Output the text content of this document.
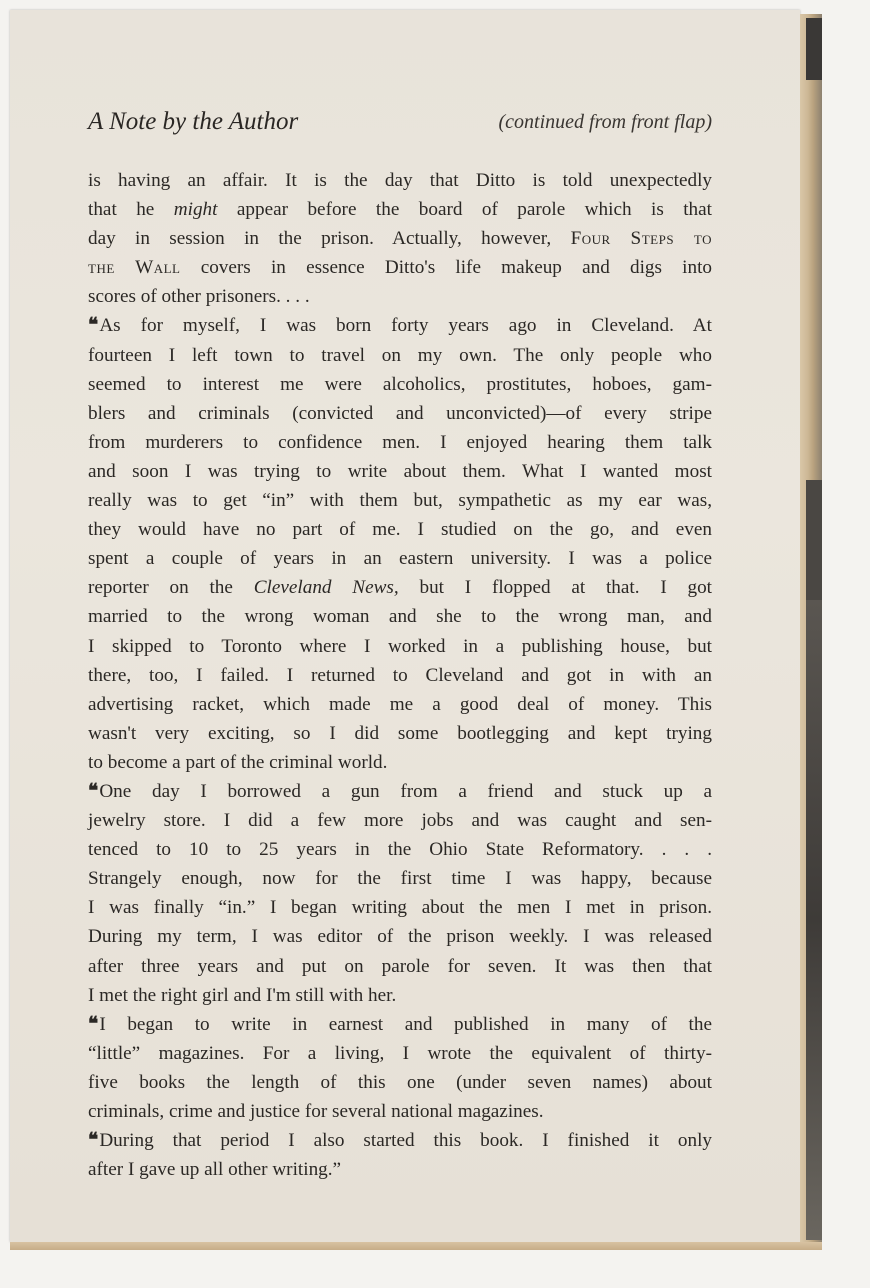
A Note by the Author	(continued from front flap)
is having an affair. It is the day that Ditto is told unexpectedly
that he might appear before the board of parole which is that
day in session in the prison. Actually, however, Four Steps to
the Wall covers in essence Ditto's life makeup and digs into
scores of other prisoners. . . .
❝ As for myself, I was born forty years ago in Cleveland. At
fourteen I left town to travel on my own. The only people who
seemed to interest me were alcoholics, prostitutes, hoboes, gam-
blers and criminals (convicted and unconvicted)—of every stripe
from murderers to confidence men. I enjoyed hearing them talk
and soon I was trying to write about them. What I wanted most
really was to get “in” with them but, sympathetic as my ear was,
they would have no part of me. I studied on the go, and even
spent a couple of years in an eastern university. I was a police
reporter on the Cleveland News, but I flopped at that. I got
married to the wrong woman and she to the wrong man, and
I skipped to Toronto where I worked in a publishing house, but
there, too, I failed. I returned to Cleveland and got in with an
advertising racket, which made me a good deal of money. This
wasn't very exciting, so I did some bootlegging and kept trying
to become a part of the criminal world.
❝ One day I borrowed a gun from a friend and stuck up a
jewelry store. I did a few more jobs and was caught and sen-
tenced to 10 to 25 years in the Ohio State Reformatory. . . .
Strangely enough, now for the first time I was happy, because
I was finally “in.” I began writing about the men I met in prison.
During my term, I was editor of the prison weekly. I was released
after three years and put on parole for seven. It was then that
I met the right girl and I'm still with her.
❝ I began to write in earnest and published in many of the
“little” magazines. For a living, I wrote the equivalent of thirty-
five books the length of this one (under seven names) about
criminals, crime and justice for several national magazines.
❝ During that period I also started this book. I finished it only
after I gave up all other writing.”
